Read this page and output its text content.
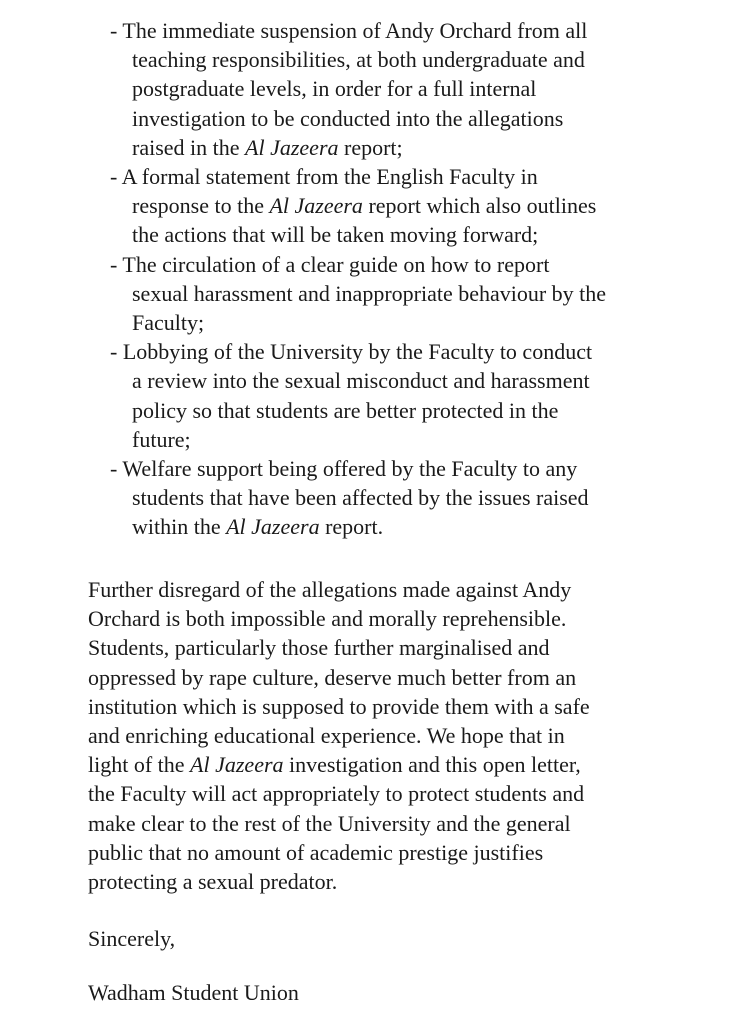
- The immediate suspension of Andy Orchard from all
teaching responsibilities, at both undergraduate and
postgraduate levels, in order for a full internal
investigation to be conducted into the allegations
raised in the Al Jazeera report;
- A formal statement from the English Faculty in
response to the Al Jazeera report which also outlines
the actions that will be taken moving forward;
- The circulation of a clear guide on how to report
sexual harassment and inappropriate behaviour by the
Faculty;
- Lobbying of the University by the Faculty to conduct
a review into the sexual misconduct and harassment
policy so that students are better protected in the
future;
- Welfare support being offered by the Faculty to any
students that have been affected by the issues raised
within the Al Jazeera report.

Further disregard of the allegations made against Andy
Orchard is both impossible and morally reprehensible.
Students, particularly those further marginalised and
oppressed by rape culture, deserve much better from an
institution which is supposed to provide them with a safe
and enriching educational experience. We hope that in
light of the Al Jazeera investigation and this open letter,
the Faculty will act appropriately to protect students and
make clear to the rest of the University and the general
public that no amount of academic prestige justifies
protecting a sexual predator.

Sincerely,

Wadham Student Union
